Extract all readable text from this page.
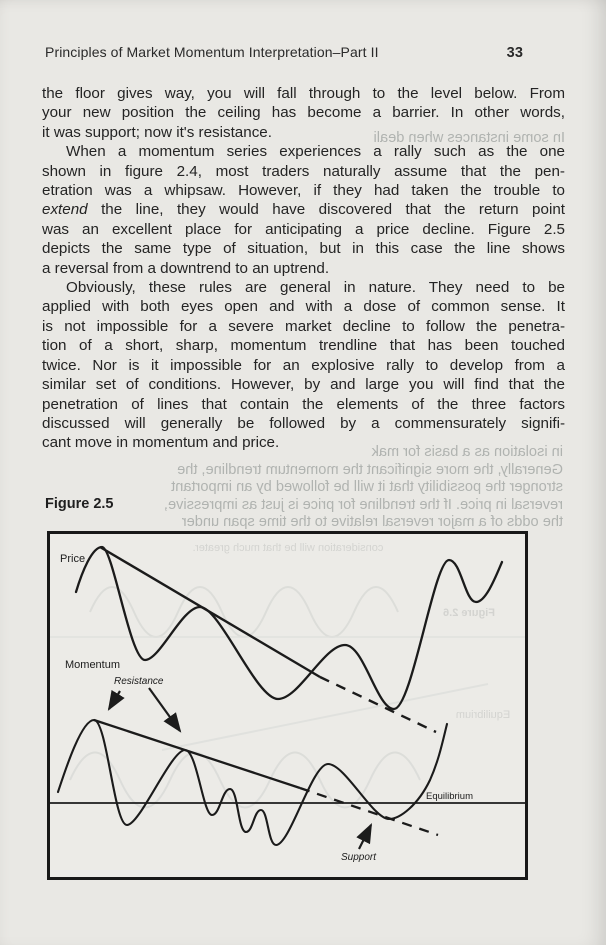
In some instances when deali
in isolation as a basis for mak
Generally, the more significant the momentum trendline, the
stronger the possibility that it will be followed by an important
reversal in price. If the trendline for price is just as impressive,
the odds of a major reversal relative to the time span under
Principles of Market Momentum Interpretation–Part II	33
the floor gives way, you will fall through to the level below. From
your new position the ceiling has become a barrier. In other words,
it was support; now it's resistance.
When a momentum series experiences a rally such as the one
shown in figure 2.4, most traders naturally assume that the pen-
etration was a whipsaw. However, if they had taken the trouble to
extend the line, they would have discovered that the return point
was an excellent place for anticipating a price decline. Figure 2.5
depicts the same type of situation, but in this case the line shows
a reversal from a downtrend to an uptrend.
Obviously, these rules are general in nature. They need to be
applied with both eyes open and with a dose of common sense. It
is not impossible for a severe market decline to follow the penetra-
tion of a short, sharp, momentum trendline that has been touched
twice. Nor is it impossible for an explosive rally to develop from a
similar set of conditions. However, by and large you will find that the
penetration of lines that contain the elements of the three factors
discussed will generally be followed by a commensurately signifi-
cant move in momentum and price.
Figure 2.5
consideration will be that much greater.
Figure 2.6
Equilibrium
Price
Momentum
Resistance
Equilibrium
Support
